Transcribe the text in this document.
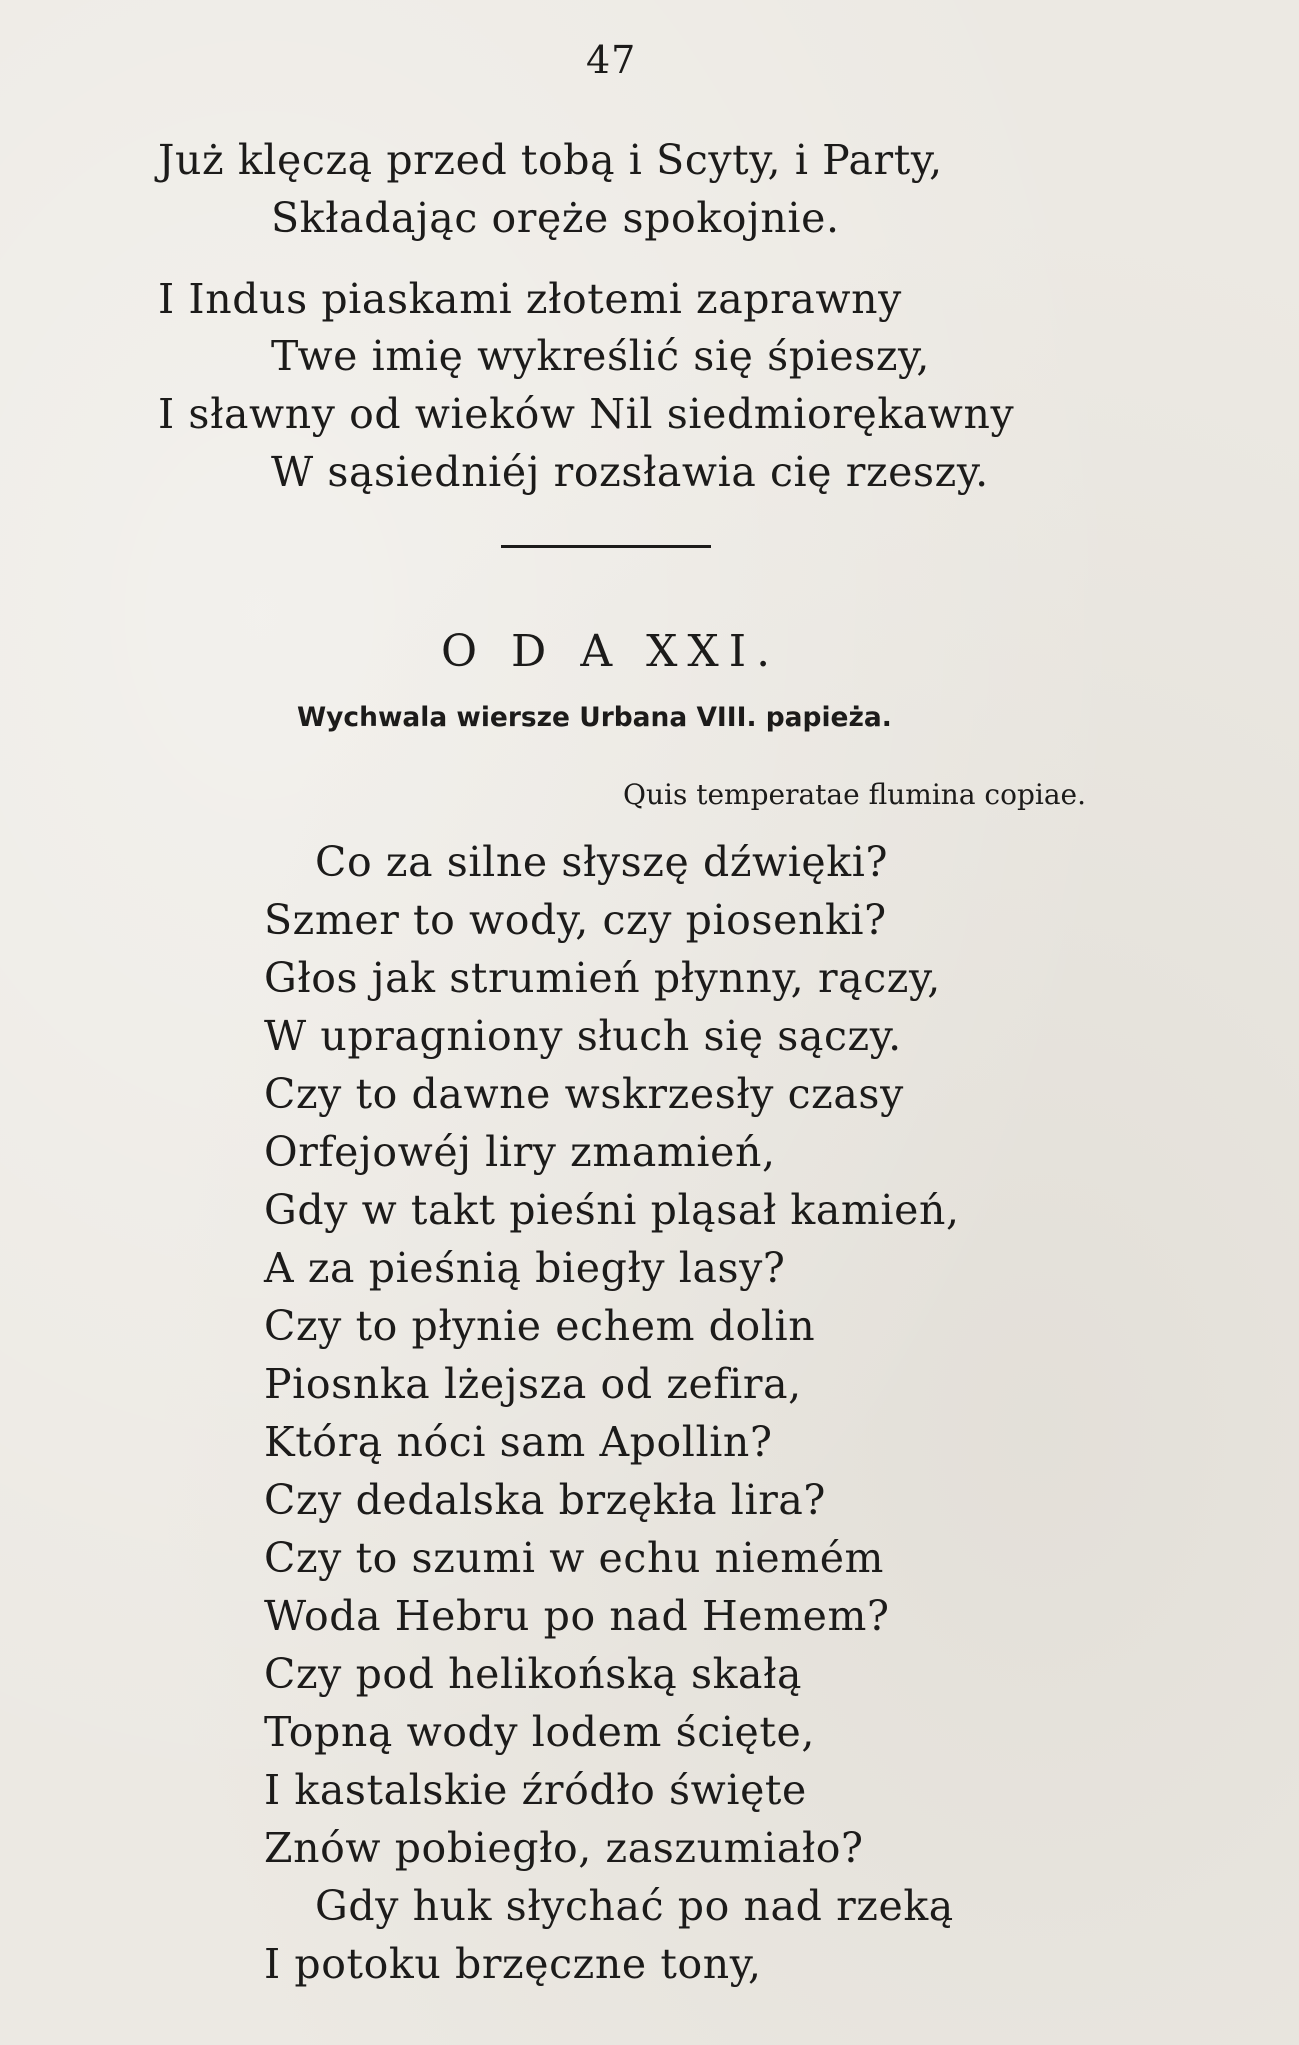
47
Już klęczą przed tobą i Scyty, i Party,
Składając oręże spokojnie.
I Indus piaskami złotemi zaprawny
Twe imię wykreślić się śpieszy,
I sławny od wieków Nil siedmiorękawny
W sąsiedniéj rozsławia cię rzeszy.
O D A XXI.
Wychwala wiersze Urbana VIII. papieża.
Quis temperatae flumina copiae.
Co za silne słyszę dźwięki?
Szmer to wody, czy piosenki?
Głos jak strumień płynny, rączy,
W upragniony słuch się sączy.
Czy to dawne wskrzesły czasy
Orfejowéj liry zmamień,
Gdy w takt pieśni pląsał kamień,
A za pieśnią biegły lasy?
Czy to płynie echem dolin
Piosnka lżejsza od zefira,
Którą nóci sam Apollin?
Czy dedalska brzękła lira?
Czy to szumi w echu niemém
Woda Hebru po nad Hemem?
Czy pod helikońską skałą
Topną wody lodem ścięte,
I kastalskie źródło święte
Znów pobiegło, zaszumiało?
Gdy huk słychać po nad rzeką
I potoku brzęczne tony,
